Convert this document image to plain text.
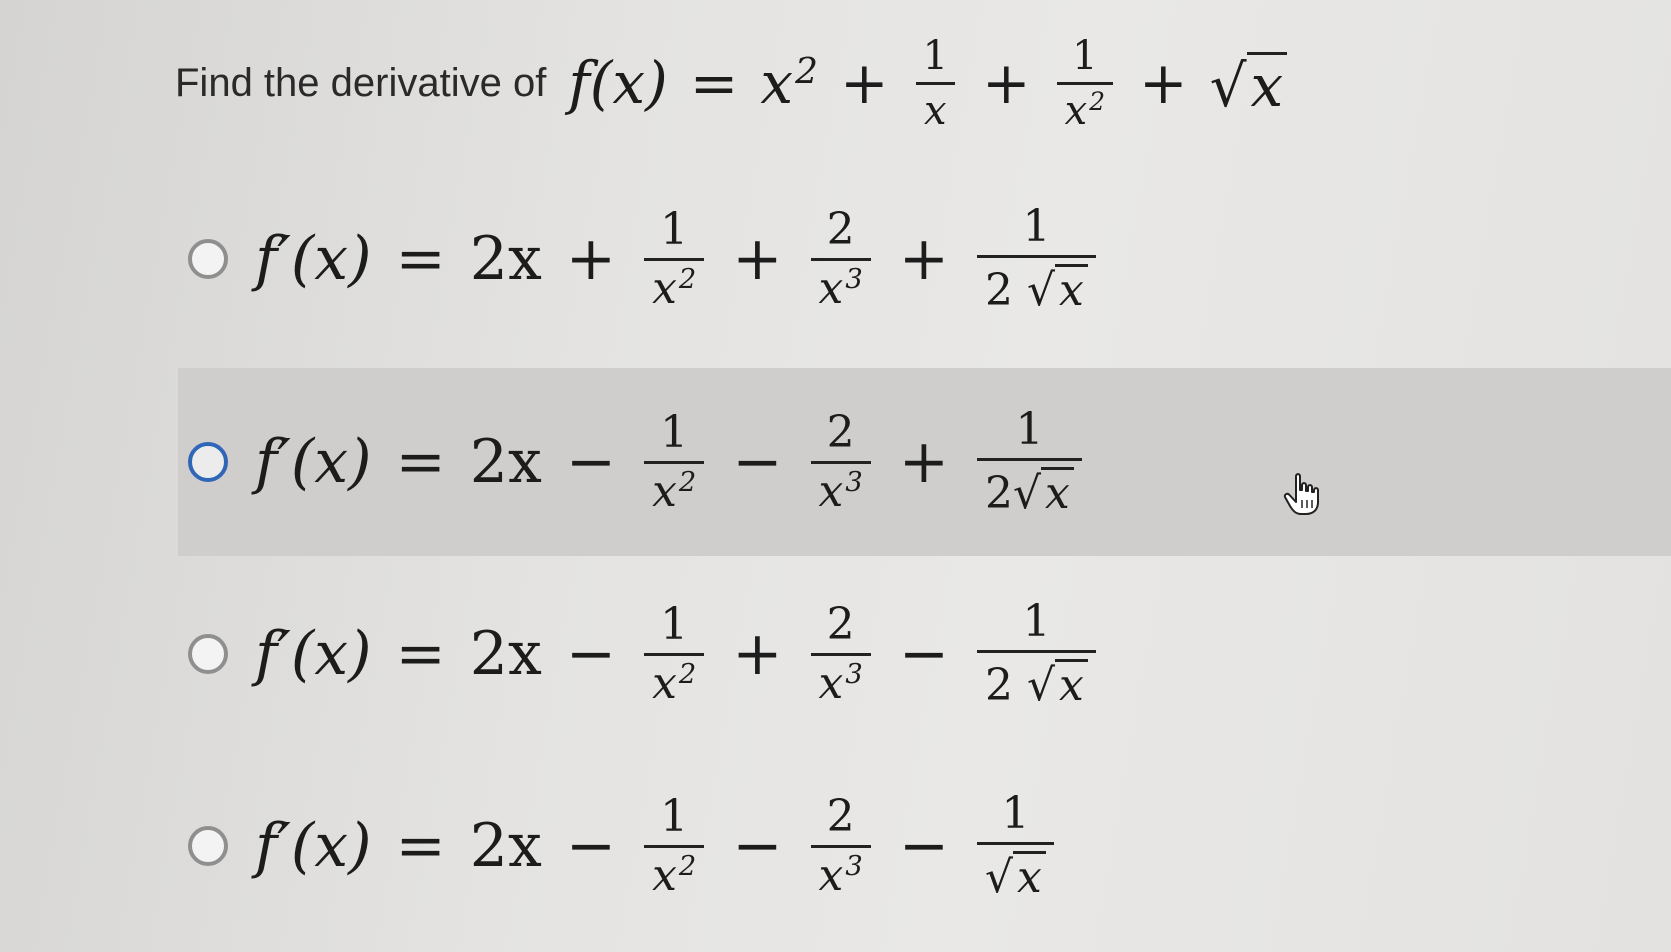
Find the derivative of $f(x) = x^2 + \frac{1}{x} + \frac{1}{x^2}$ + √ x
$f'(x) = 2x + \frac{1}{x^2} + \frac{2}{x^3} + \frac{1}{2 √ x}$
$f'(x) = 2x - \frac{1}{x^2} - \frac{2}{x^3} + \frac{1}{2 √ x}$
$f'(x) = 2x - \frac{1}{x^2} + \frac{2}{x^3} - \frac{1}{2 √ x}$
$f'(x) = 2x - \frac{1}{x^2} - \frac{2}{x^3} - \frac{1}{√ x}$
